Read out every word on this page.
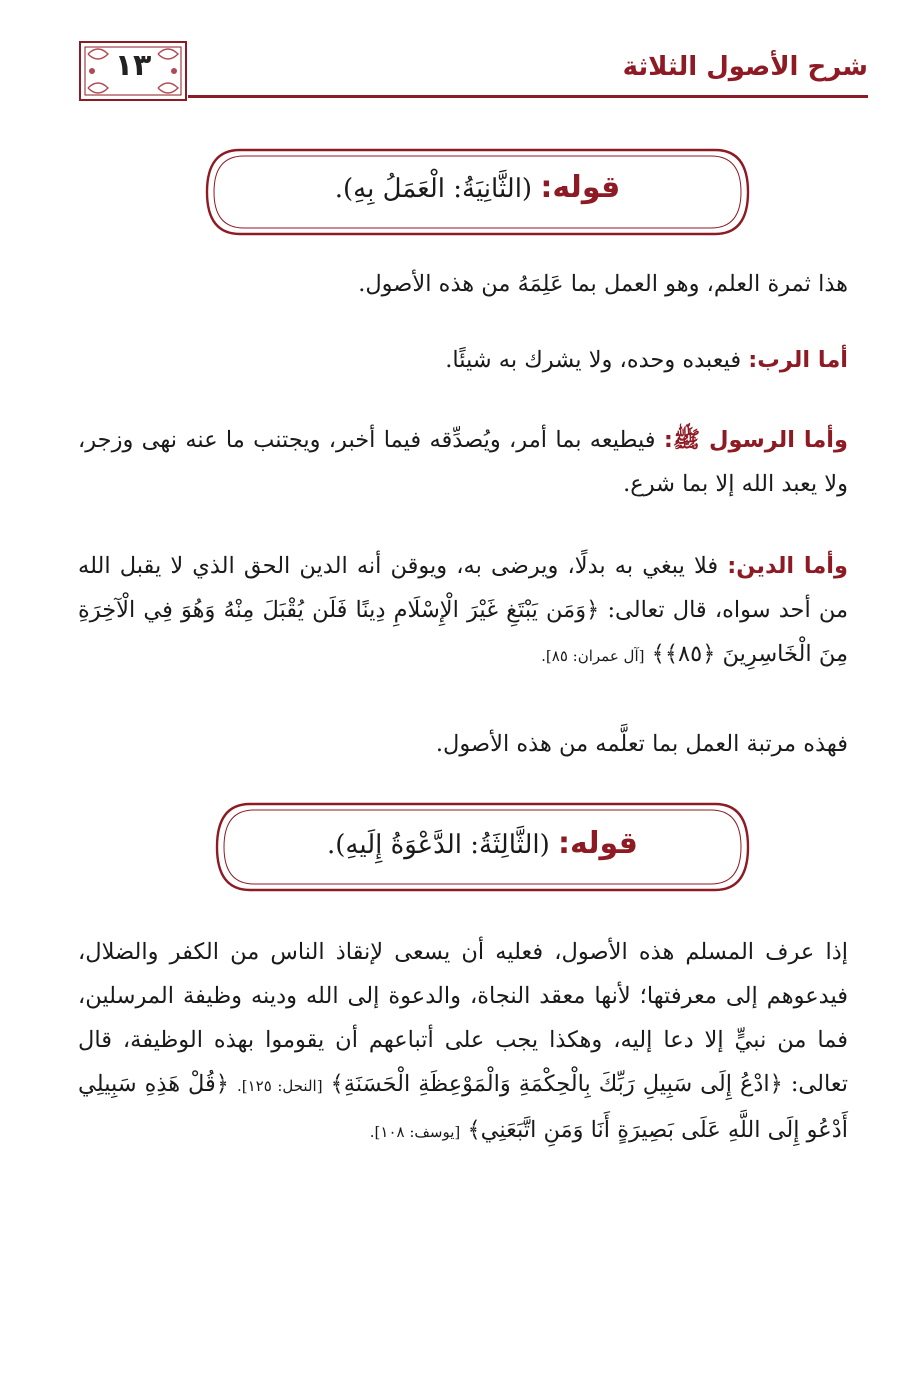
١٣	شرح الأصول الثلاثة
قوله: (الثَّانِيَةُ: الْعَمَلُ بِهِ).
هذا ثمرة العلم، وهو العمل بما عَلِمَهُ من هذه الأصول.
أما الرب: فيعبده وحده، ولا يشرك به شيئًا.
وأما الرسول ﷺ: فيطيعه بما أمر، ويُصدِّقه فيما أخبر، ويجتنب ما عنه نهى وزجر، ولا يعبد الله إلا بما شرع.
وأما الدين: فلا يبغي به بدلًا، ويرضى به، ويوقن أنه الدين الحق الذي لا يقبل الله من أحد سواه، قال تعالى: ﴿وَمَن يَبْتَغِ غَيْرَ الْإِسْلَامِ دِينًا فَلَن يُقْبَلَ مِنْهُ وَهُوَ فِي الْآخِرَةِ مِنَ الْخَاسِرِينَ ﴿٨٥﴾﴾ [آل عمران: ٨٥].
فهذه مرتبة العمل بما تعلَّمه من هذه الأصول.
قوله: (الثَّالِثَةُ: الدَّعْوَةُ إِلَيهِ).
إذا عرف المسلم هذه الأصول، فعليه أن يسعى لإنقاذ الناس من الكفر والضلال، فيدعوهم إلى معرفتها؛ لأنها معقد النجاة، والدعوة إلى الله ودينه وظيفة المرسلين، فما من نبيٍّ إلا دعا إليه، وهكذا يجب على أتباعهم أن يقوموا بهذه الوظيفة، قال تعالى: ﴿ادْعُ إِلَى سَبِيلِ رَبِّكَ بِالْحِكْمَةِ وَالْمَوْعِظَةِ الْحَسَنَةِ﴾ [النحل: ١٢٥]. ﴿قُلْ هَذِهِ سَبِيلِي أَدْعُو إِلَى اللَّهِ عَلَى بَصِيرَةٍ أَنَا وَمَنِ اتَّبَعَنِي﴾ [يوسف: ١٠٨].
